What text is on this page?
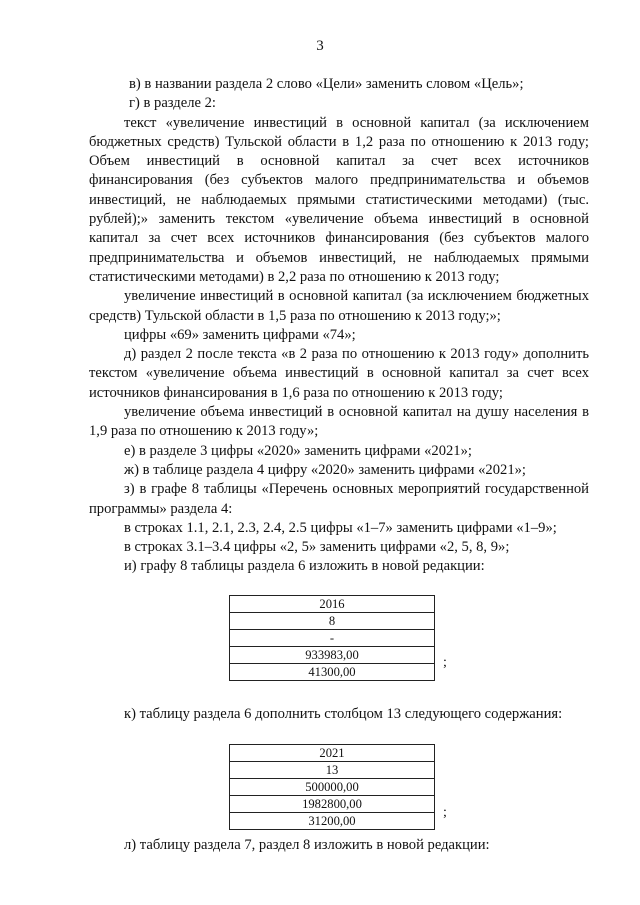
3

в) в названии раздела 2 слово «Цели» заменить словом «Цель»;

г) в разделе 2:

текст «увеличение инвестиций в основной капитал (за исключением бюджетных средств) Тульской области в 1,2 раза по отношению к 2013 году; Объем инвестиций в основной капитал за счет всех источников финансирования (без субъектов малого предпринимательства и объемов инвестиций, не наблюдаемых прямыми статистическими методами) (тыс. рублей);» заменить текстом «увеличение объема инвестиций в основной капитал за счет всех источников финансирования (без субъектов малого предпринимательства и объемов инвестиций, не наблюдаемых прямыми статистическими методами) в 2,2 раза по отношению к 2013 году;

увеличение инвестиций в основной капитал (за исключением бюджетных средств) Тульской области в 1,5 раза по отношению к 2013 году;»;

цифры «69» заменить цифрами «74»;

д) раздел 2 после текста «в 2 раза по отношению к 2013 году» дополнить текстом «увеличение объема инвестиций в основной капитал за счет всех источников финансирования в 1,6 раза по отношению к 2013 году;

увеличение объема инвестиций в основной капитал на душу населения в 1,9 раза по отношению к 2013 году»;

е) в разделе 3 цифры «2020» заменить цифрами «2021»;

ж) в таблице раздела 4 цифру «2020» заменить цифрами «2021»;

з) в графе 8 таблицы «Перечень основных мероприятий государственной программы» раздела 4:

в строках 1.1, 2.1, 2.3, 2.4, 2.5 цифры «1–7» заменить цифрами «1–9»;

в строках 3.1–3.4 цифры «2, 5» заменить цифрами «2, 5, 8, 9»;

и) графу 8 таблицы раздела 6 изложить в новой редакции:

2016
8
-
933983,00
41300,00
;

к) таблицу раздела 6 дополнить столбцом 13 следующего содержания:

2021
13
500000,00
1982800,00
31200,00
;

л) таблицу раздела 7, раздел 8 изложить в новой редакции:
